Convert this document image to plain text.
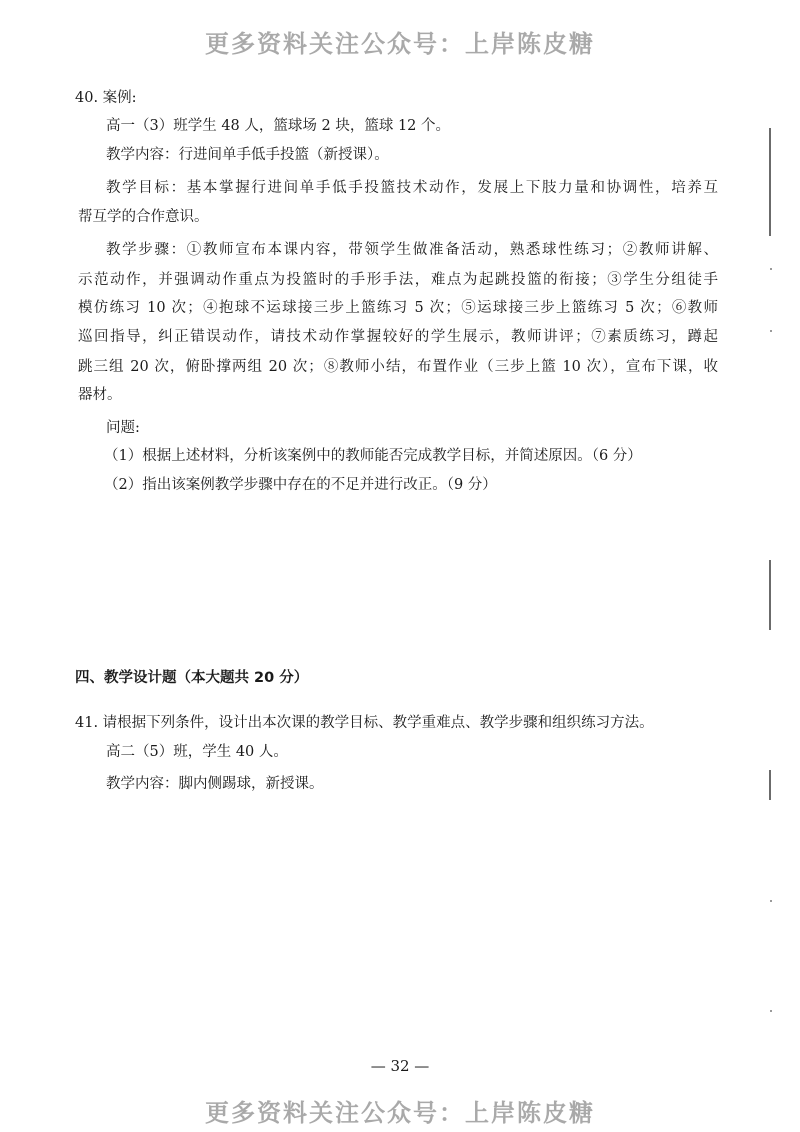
更多资料关注公众号：上岸陈皮糖
40. 案例:
高一（3）班学生 48 人，篮球场 2 块，篮球 12 个。
教学内容：行进间单手低手投篮（新授课）。
教学目标：基本掌握行进间单手低手投篮技术动作，发展上下肢力量和协调性，培养互
帮互学的合作意识。
教学步骤：①教师宣布本课内容，带领学生做准备活动，熟悉球性练习；②教师讲解、
示范动作，并强调动作重点为投篮时的手形手法，难点为起跳投篮的衔接；③学生分组徒手
模仿练习 10 次；④抱球不运球接三步上篮练习 5 次；⑤运球接三步上篮练习 5 次；⑥教师
巡回指导，纠正错误动作，请技术动作掌握较好的学生展示，教师讲评；⑦素质练习，蹲起
跳三组 20 次，俯卧撑两组 20 次；⑧教师小结，布置作业（三步上篮 10 次），宣布下课，收
器材。
问题:
（1）根据上述材料，分析该案例中的教师能否完成教学目标，并简述原因。（6 分）
（2）指出该案例教学步骤中存在的不足并进行改正。（9 分）
四、教学设计题（本大题共 20 分）
41. 请根据下列条件，设计出本次课的教学目标、教学重难点、教学步骤和组织练习方法。
高二（5）班，学生 40 人。
教学内容：脚内侧踢球，新授课。
— 32 —
更多资料关注公众号：上岸陈皮糖
